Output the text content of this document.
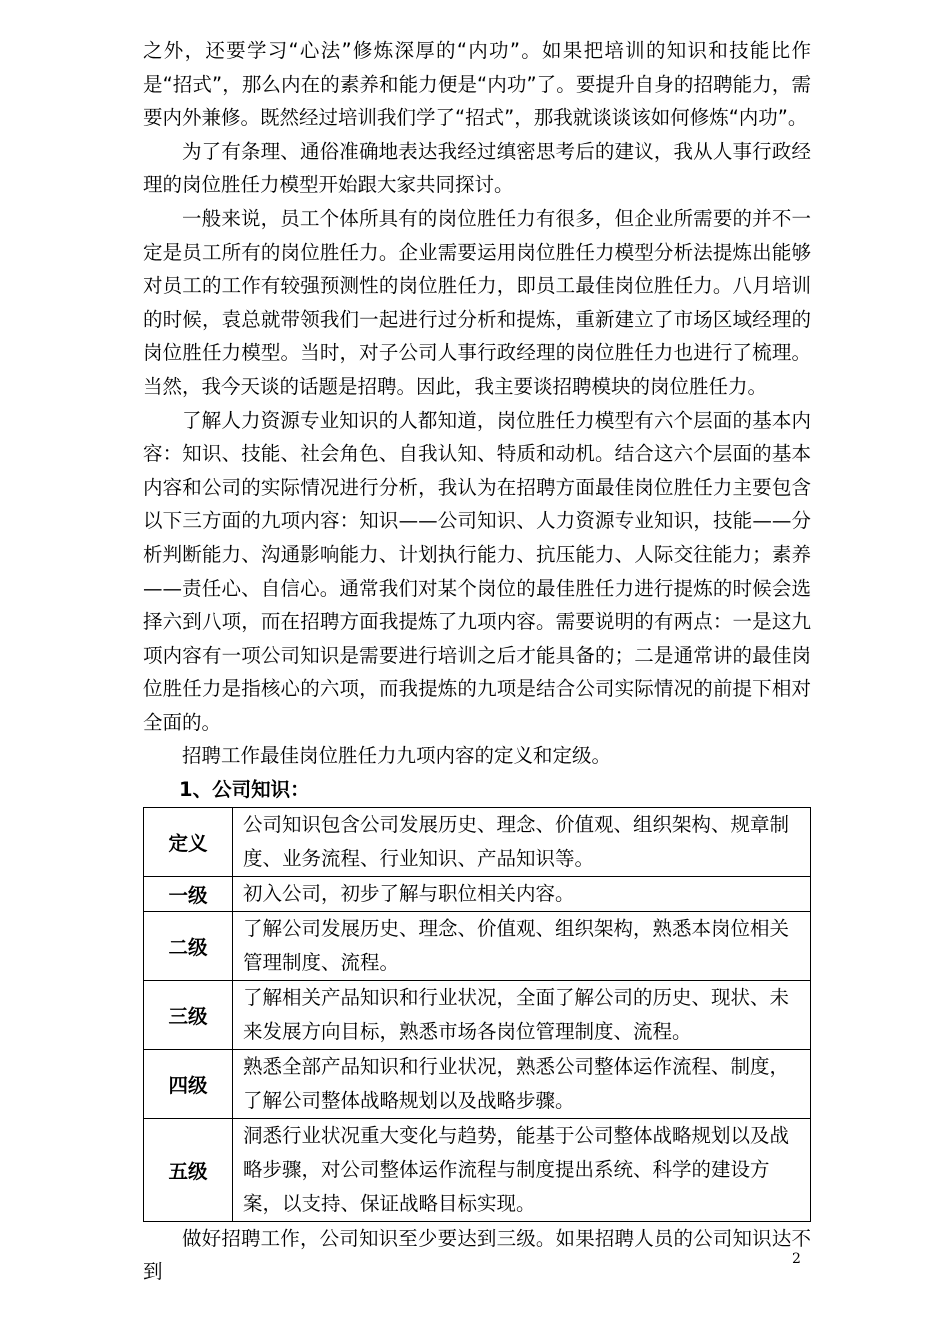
之外，还要学习“心法”修炼深厚的“内功”。如果把培训的知识和技能比作是“招式”，那么内在的素养和能力便是“内功”了。要提升自身的招聘能力，需要内外兼修。既然经过培训我们学了“招式”，那我就谈谈该如何修炼“内功”。

为了有条理、通俗准确地表达我经过缜密思考后的建议，我从人事行政经理的岗位胜任力模型开始跟大家共同探讨。

一般来说，员工个体所具有的岗位胜任力有很多，但企业所需要的并不一定是员工所有的岗位胜任力。企业需要运用岗位胜任力模型分析法提炼出能够对员工的工作有较强预测性的岗位胜任力，即员工最佳岗位胜任力。八月培训的时候，袁总就带领我们一起进行过分析和提炼，重新建立了市场区域经理的岗位胜任力模型。当时，对子公司人事行政经理的岗位胜任力也进行了梳理。当然，我今天谈的话题是招聘。因此，我主要谈招聘模块的岗位胜任力。

了解人力资源专业知识的人都知道，岗位胜任力模型有六个层面的基本内容：知识、技能、社会角色、自我认知、特质和动机。结合这六个层面的基本内容和公司的实际情况进行分析，我认为在招聘方面最佳岗位胜任力主要包含以下三方面的九项内容：知识——公司知识、人力资源专业知识，技能——分析判断能力、沟通影响能力、计划执行能力、抗压能力、人际交往能力；素养——责任心、自信心。通常我们对某个岗位的最佳胜任力进行提炼的时候会选择六到八项，而在招聘方面我提炼了九项内容。需要说明的有两点：一是这九项内容有一项公司知识是需要进行培训之后才能具备的；二是通常讲的最佳岗位胜任力是指核心的六项，而我提炼的九项是结合公司实际情况的前提下相对全面的。

招聘工作最佳岗位胜任力九项内容的定义和定级。

1、公司知识：

定义	公司知识包含公司发展历史、理念、价值观、组织架构、规章制度、业务流程、行业知识、产品知识等。
一级	初入公司，初步了解与职位相关内容。
二级	了解公司发展历史、理念、价值观、组织架构，熟悉本岗位相关管理制度、流程。
三级	了解相关产品知识和行业状况，全面了解公司的历史、现状、未来发展方向目标，熟悉市场各岗位管理制度、流程。
四级	熟悉全部产品知识和行业状况，熟悉公司整体运作流程、制度，了解公司整体战略规划以及战略步骤。
五级	洞悉行业状况重大变化与趋势，能基于公司整体战略规划以及战略步骤，对公司整体运作流程与制度提出系统、科学的建设方案，以支持、保证战略目标实现。

做好招聘工作，公司知识至少要达到三级。如果招聘人员的公司知识达不到

2
